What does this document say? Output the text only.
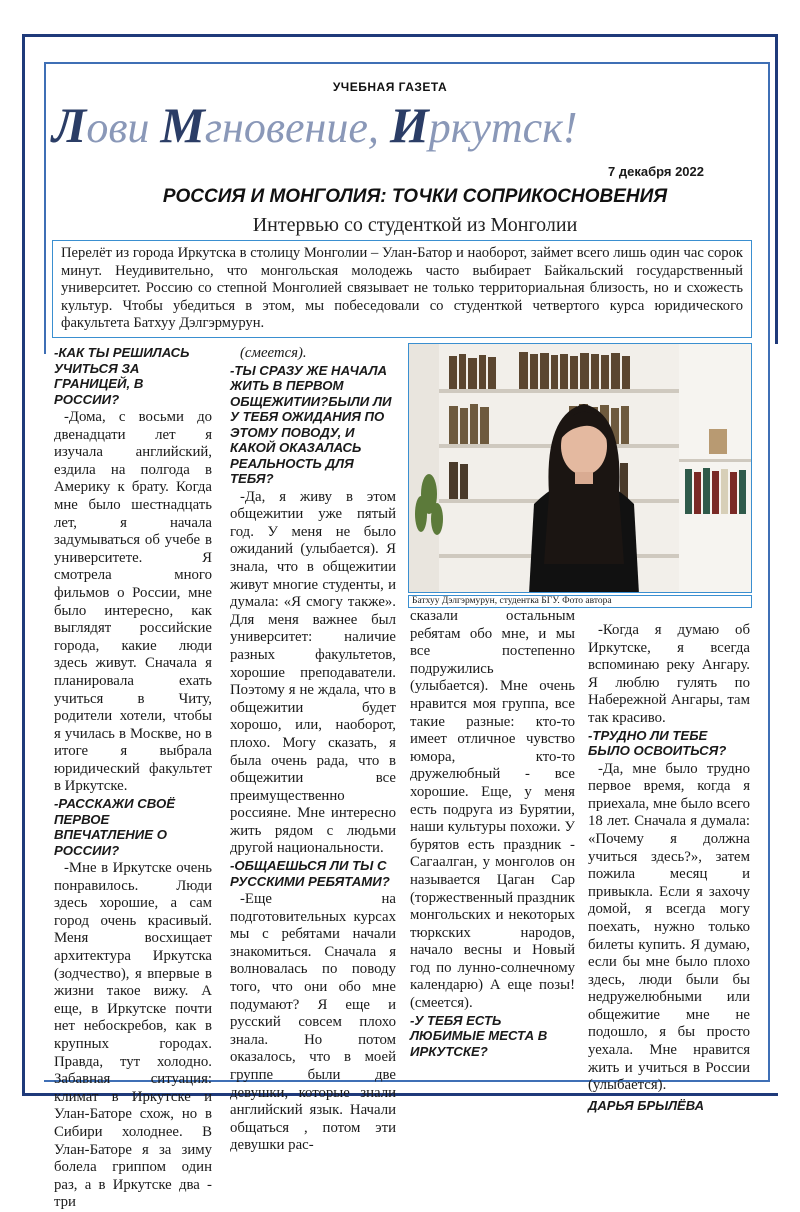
УЧЕБНАЯ ГАЗЕТА
Лови Мгновение, Иркутск!
7 декабря 2022
РОССИЯ И МОНГОЛИЯ: ТОЧКИ СОПРИКОСНОВЕНИЯ
Интервью со студенткой из Монголии
Перелёт из города Иркутска в столицу Монголии – Улан-Батор и наоборот, займет всего лишь один час сорок минут. Неудивительно, что монгольская молодежь часто выбирает Байкальский государственный университет. Россию со степной Монголией связывает не только территориальная близость, но и схожесть культур. Чтобы убедиться в этом, мы побеседовали со студенткой четвертого курса юридического факультета Батхуу Дэлгэрмурун.
-КАК ТЫ РЕШИЛАСЬ УЧИТЬСЯ ЗА ГРАНИЦЕЙ, В РОССИИ?

-Дома, с восьми до двенадцати лет я изучала английский, ездила на полгода в Америку к брату. Когда мне было шестнадцать лет, я начала задумываться об учебе в университете. Я смотрела много фильмов о России, мне было интересно, как выглядят российские города, какие люди здесь живут. Сначала я планировала ехать учиться в Читу, родители хотели, чтобы я училась в Москве, но в итоге я выбрала юридический факультет в Иркутске.

-РАССКАЖИ СВОЁ ПЕРВОЕ ВПЕЧАТЛЕНИЕ О РОССИИ?

-Мне в Иркутске очень понравилось. Люди здесь хорошие, а сам город очень красивый. Меня восхищает архитектура Иркутска (зодчество), я впервые в жизни такое вижу. А еще, в Иркутске почти нет небоскребов, как в крупных городах. Правда, тут холодно. Забавная ситуация: климат в Иркутске и Улан-Баторе схож, но в Сибири холоднее. В Улан-Баторе я за зиму болела гриппом один раз, а в Иркутске два - три

(смеется).

-ТЫ СРАЗУ ЖЕ НАЧАЛА ЖИТЬ В ПЕРВОМ ОБЩЕЖИТИИ?БЫЛИ ЛИ У ТЕБЯ ОЖИДАНИЯ ПО ЭТОМУ ПОВОДУ, И КАКОЙ ОКАЗАЛАСЬ РЕАЛЬНОСТЬ ДЛЯ ТЕБЯ?

-Да, я живу в этом общежитии уже пятый год. У меня не было ожиданий (улыбается). Я знала, что в общежитии живут многие студенты, и думала: «Я смогу также». Для меня важнее был университет: наличие разных факультетов, хорошие преподаватели. Поэтому я не ждала, что в общежитии будет хорошо, или, наоборот, плохо. Могу сказать, я была очень рада, что в общежитии все преимущественно россияне. Мне интересно жить рядом с людьми другой национальности.

-ОБЩАЕШЬСЯ ЛИ ТЫ С РУССКИМИ РЕБЯТАМИ?

-Еще на подготовительных курсах мы с ребятами начали знакомиться. Сначала я волновалась по поводу того, что они обо мне подумают? Я еще и русский совсем плохо знала. Но потом оказалось, что в моей группе были две девушки, которые знали английский язык. Начали общаться , потом эти девушки рас-

Батхуу Дэлгэрмурун, студентка БГУ. Фото автора

сказали остальным ребятам обо мне, и мы все постепенно подружились (улыбается). Мне очень нравится моя группа, все такие разные: кто-то имеет отличное чувство юмора, кто-то дружелюбный - все хорошие. Еще, у меня есть подруга из Бурятии, наши культуры похожи. У бурятов есть праздник - Сагаалган, у монголов он называется Цаган Сар (торжественный праздник монгольских и некоторых тюркских народов, начало весны и Новый год по лунно-солнечному календарю) А еще позы! (смеется).

-У ТЕБЯ ЕСТЬ ЛЮБИМЫЕ МЕСТА В ИРКУТСКЕ?

-Когда я думаю об Иркутске, я всегда вспоминаю реку Ангару. Я люблю гулять по Набережной Ангары, там так красиво.

-ТРУДНО ЛИ ТЕБЕ БЫЛО ОСВОИТЬСЯ?

-Да, мне было трудно первое время, когда я приехала, мне было всего 18 лет. Сначала я думала: «Почему я должна учиться здесь?», затем пожила месяц и привыкла. Если я захочу домой, я всегда могу поехать, нужно только билеты купить. Я думаю, если бы мне было плохо здесь, люди были бы недружелюбными или общежитие мне не подошло, я бы просто уехала. Мне нравится жить и учиться в России (улыбается).

ДАРЬЯ БРЫЛЁВА
